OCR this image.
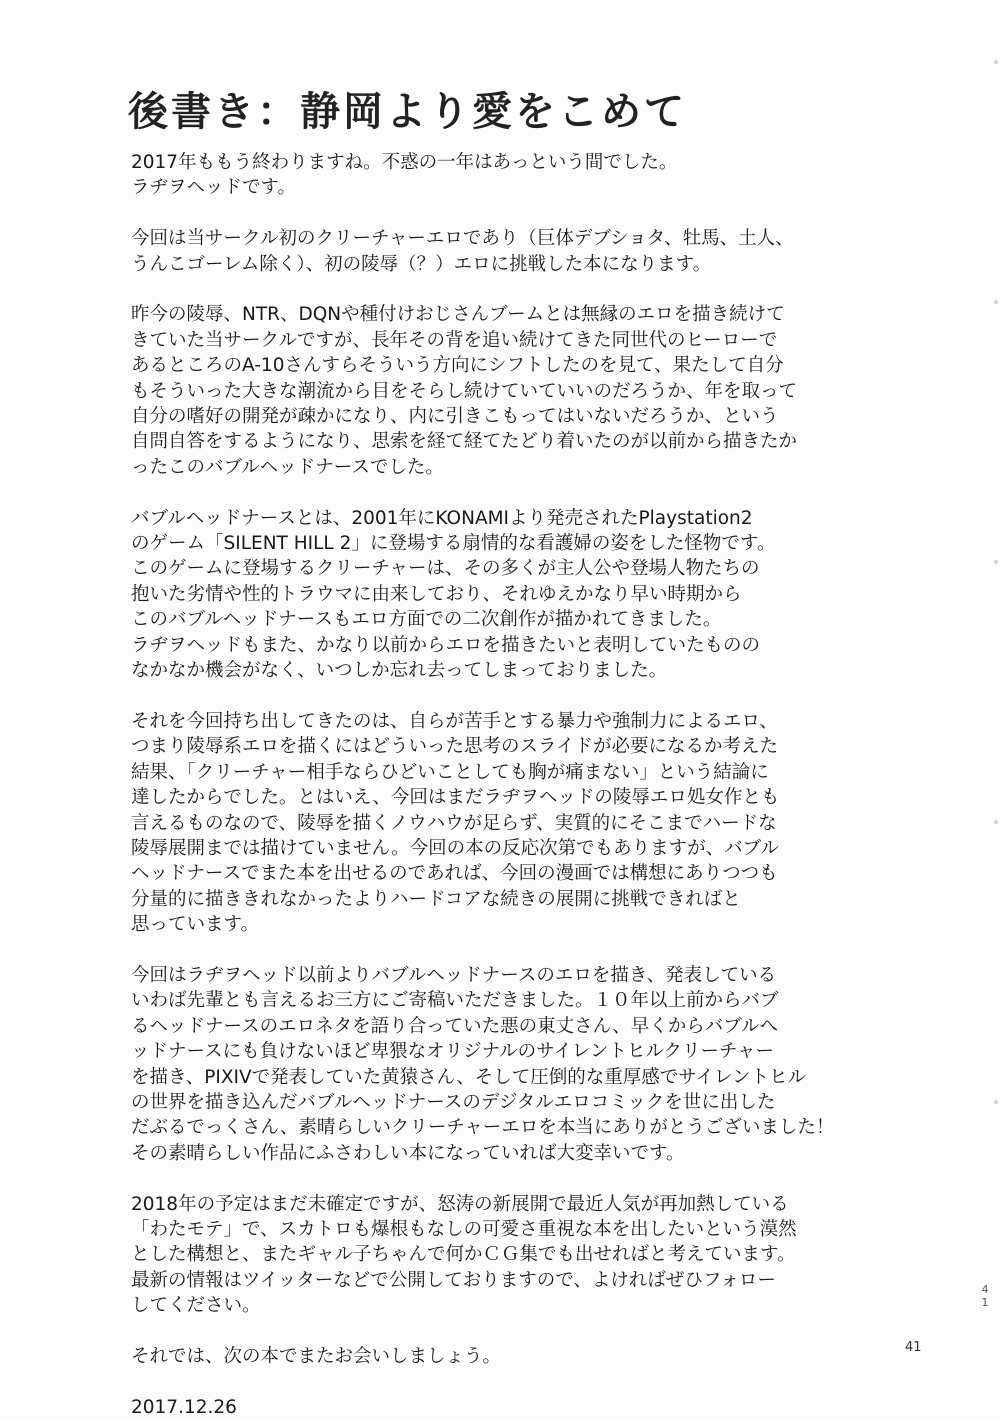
後書き：静岡より愛をこめて
2017年ももう終わりますね。不惑の一年はあっという間でした。
ラヂヲヘッドです。
今回は当サークル初のクリーチャーエロであり（巨体デブショタ、牡馬、土人、
うんこゴーレム除く）、初の陵辱（？）エロに挑戦した本になります。
昨今の陵辱、NTR、DQNや種付けおじさんブームとは無縁のエロを描き続けて
きていた当サークルですが、長年その背を追い続けてきた同世代のヒーローで
あるところのA-10さんすらそういう方向にシフトしたのを見て、果たして自分
もそういった大きな潮流から目をそらし続けていていいのだろうか、年を取って
自分の嗜好の開発が疎かになり、内に引きこもってはいないだろうか、という
自問自答をするようになり、思索を経て経てたどり着いたのが以前から描きたか
ったこのバブルヘッドナースでした。
バブルヘッドナースとは、2001年にKONAMIより発売されたPlaystation2
のゲーム「SILENT HILL 2」に登場する扇情的な看護婦の姿をした怪物です。
このゲームに登場するクリーチャーは、その多くが主人公や登場人物たちの
抱いた劣情や性的トラウマに由来しており、それゆえかなり早い時期から
このバブルヘッドナースもエロ方面での二次創作が描かれてきました。
ラヂヲヘッドもまた、かなり以前からエロを描きたいと表明していたものの
なかなか機会がなく、いつしか忘れ去ってしまっておりました。
それを今回持ち出してきたのは、自らが苦手とする暴力や強制力によるエロ、
つまり陵辱系エロを描くにはどういった思考のスライドが必要になるか考えた
結果、「クリーチャー相手ならひどいことしても胸が痛まない」という結論に
達したからでした。とはいえ、今回はまだラヂヲヘッドの陵辱エロ処女作とも
言えるものなので、陵辱を描くノウハウが足らず、実質的にそこまでハードな
陵辱展開までは描けていません。今回の本の反応次第でもありますが、バブル
ヘッドナースでまた本を出せるのであれば、今回の漫画では構想にありつつも
分量的に描ききれなかったよりハードコアな続きの展開に挑戦できればと
思っています。
今回はラヂヲヘッド以前よりバブルヘッドナースのエロを描き、発表している
いわば先輩とも言えるお三方にご寄稿いただきました。１０年以上前からバブ
るヘッドナースのエロネタを語り合っていた悪の東丈さん、早くからバブルへ
ッドナースにも負けないほど卑猥なオリジナルのサイレントヒルクリーチャー
を描き、PIXIVで発表していた黄猿さん、そして圧倒的な重厚感でサイレントヒル
の世界を描き込んだバブルヘッドナースのデジタルエロコミックを世に出した
だぶるでっくさん、素晴らしいクリーチャーエロを本当にありがとうございました！
その素晴らしい作品にふさわしい本になっていれば大変幸いです。
2018年の予定はまだ未確定ですが、怒涛の新展開で最近人気が再加熱している
「わたモテ」で、スカトロも爆根もなしの可愛さ重視な本を出したいという漠然
とした構想と、またギャル子ちゃんで何かＣＧ集でも出せればと考えています。
最新の情報はツイッターなどで公開しておりますので、よければぜひフォロー
してください。
それでは、次の本でまたお会いしましょう。
2017.12.26
4
1
41
